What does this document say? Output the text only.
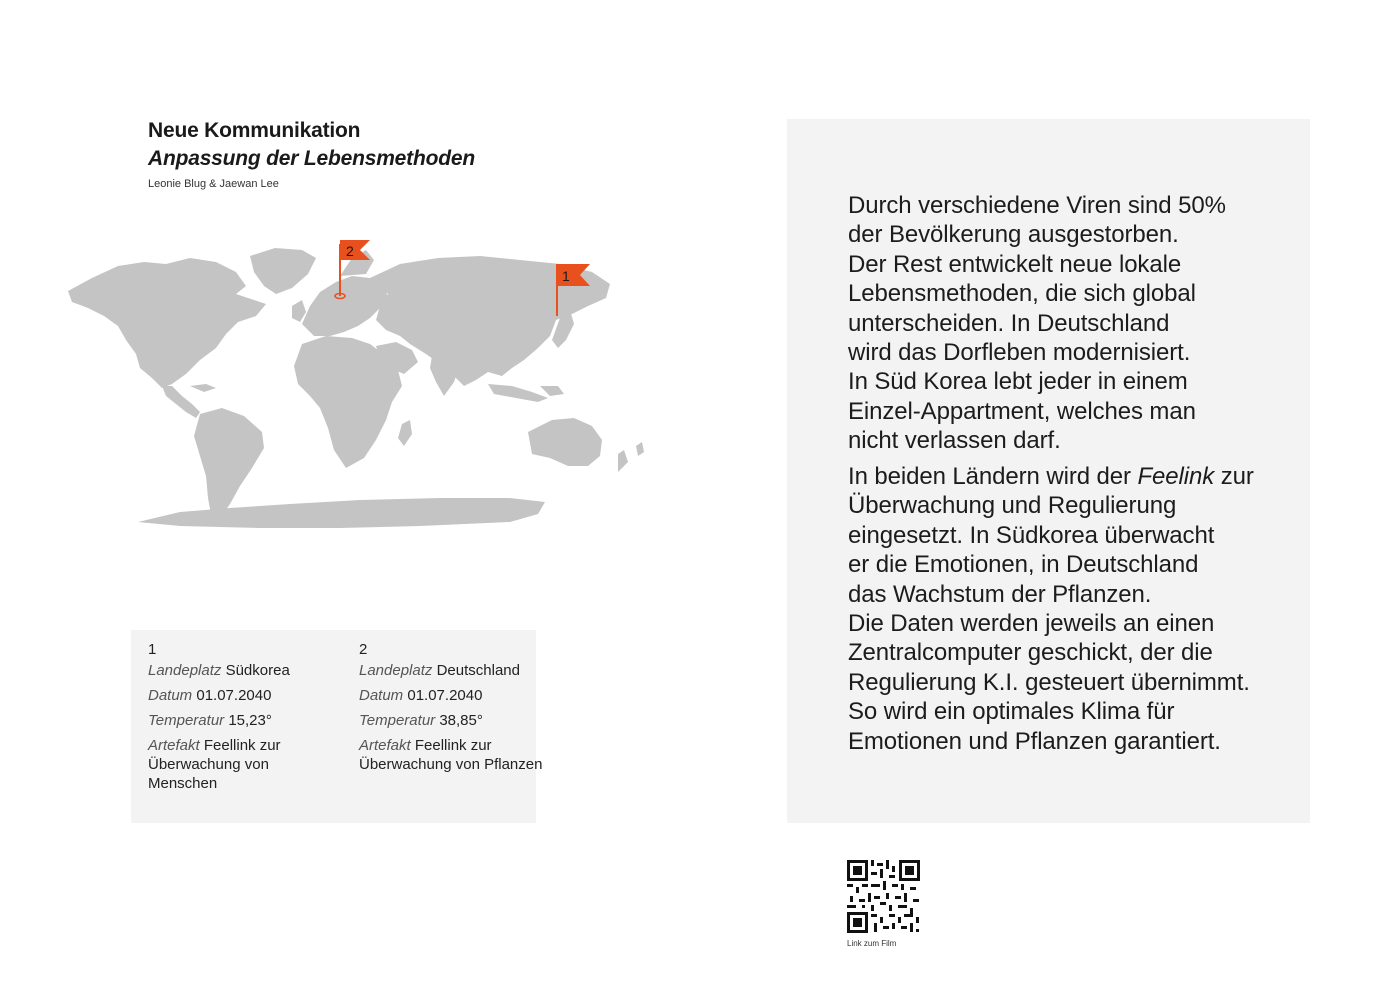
Neue Kommunikation
Anpassung der Lebensmethoden
Leonie Blug & Jaewan Lee
2
1
1
Landeplatz Südkorea
Datum 01.07.2040
Temperatur 15,23°
Artefakt Feellink zur Überwachung von Menschen
2
Landeplatz Deutschland
Datum 01.07.2040
Temperatur 38,85°
Artefakt Feellink zur Überwachung von Pflanzen
Durch verschiedene Viren sind 50%
der Bevölkerung ausgestorben.
Der Rest entwickelt neue lokale
Lebensmethoden, die sich global
unterscheiden. In Deutschland
wird das Dorfleben modernisiert.
In Süd Korea lebt jeder in einem
Einzel-Appartment, welches man
nicht verlassen darf.
In beiden Ländern wird der Feelink zur
Überwachung und Regulierung
eingesetzt. In Südkorea überwacht
er die Emotionen, in Deutschland
das Wachstum der Pflanzen.
Die Daten werden jeweils an einen
Zentralcomputer geschickt, der die
Regulierung K.I. gesteuert übernimmt.
So wird ein optimales Klima für
Emotionen und Pflanzen garantiert.
Link zum Film
